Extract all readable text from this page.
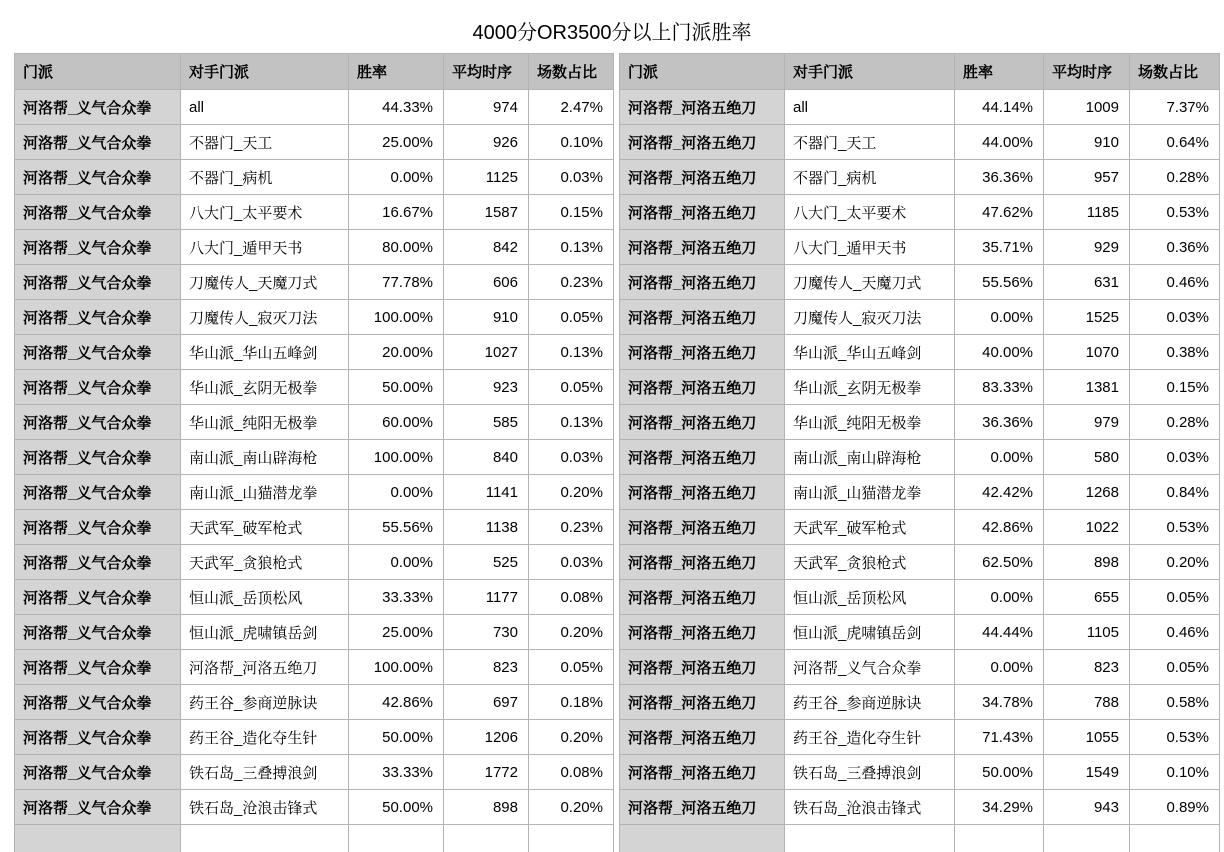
4000分OR3500分以上门派胜率
门派	对手门派	胜率	平均时序	场数占比
河洛帮_义气合众拳	all	44.33%	974	2.47%
河洛帮_义气合众拳	不器门_天工	25.00%	926	0.10%
河洛帮_义气合众拳	不器门_病机	0.00%	1125	0.03%
河洛帮_义气合众拳	八大门_太平要术	16.67%	1587	0.15%
河洛帮_义气合众拳	八大门_遁甲天书	80.00%	842	0.13%
河洛帮_义气合众拳	刀魔传人_天魔刀式	77.78%	606	0.23%
河洛帮_义气合众拳	刀魔传人_寂灭刀法	100.00%	910	0.05%
河洛帮_义气合众拳	华山派_华山五峰剑	20.00%	1027	0.13%
河洛帮_义气合众拳	华山派_玄阴无极拳	50.00%	923	0.05%
河洛帮_义气合众拳	华山派_纯阳无极拳	60.00%	585	0.13%
河洛帮_义气合众拳	南山派_南山辟海枪	100.00%	840	0.03%
河洛帮_义气合众拳	南山派_山猫潜龙拳	0.00%	1141	0.20%
河洛帮_义气合众拳	天武军_破军枪式	55.56%	1138	0.23%
河洛帮_义气合众拳	天武军_贪狼枪式	0.00%	525	0.03%
河洛帮_义气合众拳	恒山派_岳顶松风	33.33%	1177	0.08%
河洛帮_义气合众拳	恒山派_虎啸镇岳剑	25.00%	730	0.20%
河洛帮_义气合众拳	河洛帮_河洛五绝刀	100.00%	823	0.05%
河洛帮_义气合众拳	药王谷_参商逆脉诀	42.86%	697	0.18%
河洛帮_义气合众拳	药王谷_造化夺生针	50.00%	1206	0.20%
河洛帮_义气合众拳	铁石岛_三叠搏浪剑	33.33%	1772	0.08%
河洛帮_义气合众拳	铁石岛_沧浪击锋式	50.00%	898	0.20%

门派	对手门派	胜率	平均时序	场数占比
河洛帮_河洛五绝刀	all	44.14%	1009	7.37%
河洛帮_河洛五绝刀	不器门_天工	44.00%	910	0.64%
河洛帮_河洛五绝刀	不器门_病机	36.36%	957	0.28%
河洛帮_河洛五绝刀	八大门_太平要术	47.62%	1185	0.53%
河洛帮_河洛五绝刀	八大门_遁甲天书	35.71%	929	0.36%
河洛帮_河洛五绝刀	刀魔传人_天魔刀式	55.56%	631	0.46%
河洛帮_河洛五绝刀	刀魔传人_寂灭刀法	0.00%	1525	0.03%
河洛帮_河洛五绝刀	华山派_华山五峰剑	40.00%	1070	0.38%
河洛帮_河洛五绝刀	华山派_玄阴无极拳	83.33%	1381	0.15%
河洛帮_河洛五绝刀	华山派_纯阳无极拳	36.36%	979	0.28%
河洛帮_河洛五绝刀	南山派_南山辟海枪	0.00%	580	0.03%
河洛帮_河洛五绝刀	南山派_山猫潜龙拳	42.42%	1268	0.84%
河洛帮_河洛五绝刀	天武军_破军枪式	42.86%	1022	0.53%
河洛帮_河洛五绝刀	天武军_贪狼枪式	62.50%	898	0.20%
河洛帮_河洛五绝刀	恒山派_岳顶松风	0.00%	655	0.05%
河洛帮_河洛五绝刀	恒山派_虎啸镇岳剑	44.44%	1105	0.46%
河洛帮_河洛五绝刀	河洛帮_义气合众拳	0.00%	823	0.05%
河洛帮_河洛五绝刀	药王谷_参商逆脉诀	34.78%	788	0.58%
河洛帮_河洛五绝刀	药王谷_造化夺生针	71.43%	1055	0.53%
河洛帮_河洛五绝刀	铁石岛_三叠搏浪剑	50.00%	1549	0.10%
河洛帮_河洛五绝刀	铁石岛_沧浪击锋式	34.29%	943	0.89%
